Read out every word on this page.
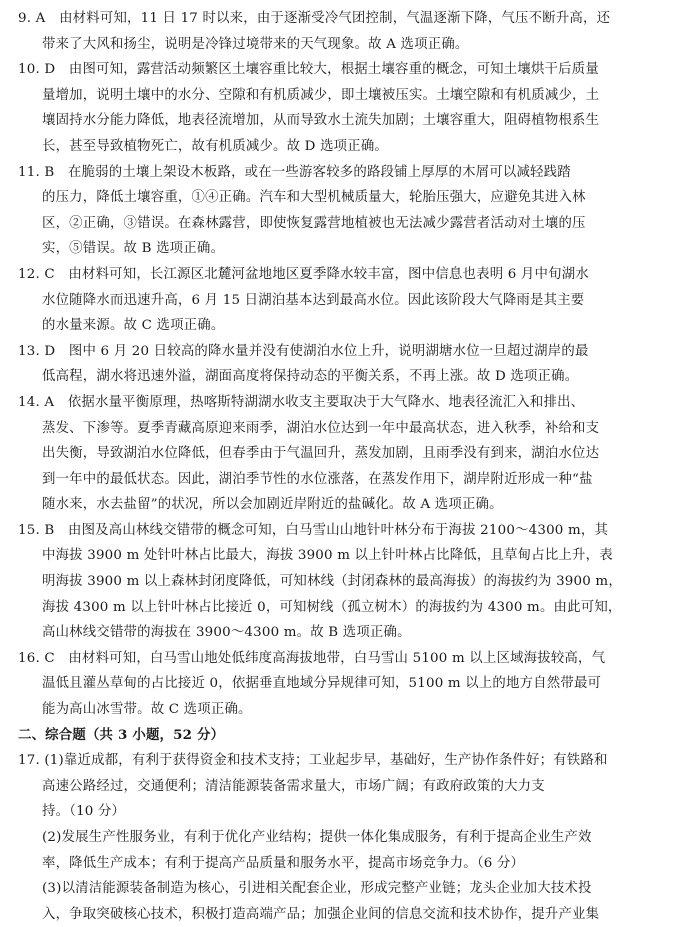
9. A　由材料可知，11 日 17 时以来，由于逐渐受冷气团控制，气温逐渐下降，气压不断升高，还
带来了大风和扬尘，说明是冷锋过境带来的天气现象。故 A 选项正确。
10. D　由图可知，露营活动频繁区土壤容重比较大，根据土壤容重的概念，可知土壤烘干后质量
量增加，说明土壤中的水分、空隙和有机质减少，即土壤被压实。土壤空隙和有机质减少，土
壤固持水分能力降低，地表径流增加，从而导致水土流失加剧；土壤容重大，阻碍植物根系生
长，甚至导致植物死亡，故有机质减少。故 D 选项正确。
11. B　在脆弱的土壤上架设木板路，或在一些游客较多的路段铺上厚厚的木屑可以减轻践踏
的压力，降低土壤容重，①④正确。汽车和大型机械质量大，轮胎压强大，应避免其进入林
区，②正确，③错误。在森林露营，即使恢复露营地植被也无法减少露营者活动对土壤的压
实，⑤错误。故 B 选项正确。
12. C　由材料可知，长江源区北麓河盆地地区夏季降水较丰富，图中信息也表明 6 月中旬湖水
水位随降水而迅速升高，6 月 15 日湖泊基本达到最高水位。因此该阶段大气降雨是其主要
的水量来源。故 C 选项正确。
13. D　图中 6 月 20 日较高的降水量并没有使湖泊水位上升，说明湖塘水位一旦超过湖岸的最
低高程，湖水将迅速外溢，湖面高度将保持动态的平衡关系，不再上涨。故 D 选项正确。
14. A　依据水量平衡原理，热喀斯特湖湖水收支主要取决于大气降水、地表径流汇入和排出、
蒸发、下渗等。夏季青藏高原迎来雨季，湖泊水位达到一年中最高状态，进入秋季，补给和支
出失衡，导致湖泊水位降低，但春季由于气温回升，蒸发加剧，且雨季没有到来，湖泊水位达
到一年中的最低状态。因此，湖泊季节性的水位涨落，在蒸发作用下，湖岸附近形成一种“盐
随水来，水去盐留”的状况，所以会加剧近岸附近的盐碱化。故 A 选项正确。
15. B　由图及高山林线交错带的概念可知，白马雪山山地针叶林分布于海拔 2100～4300 m，其
中海拔 3900 m 处针叶林占比最大，海拔 3900 m 以上针叶林占比降低，且草甸占比上升，表
明海拔 3900 m 以上森林封闭度降低，可知林线（封闭森林的最高海拔）的海拔约为 3900 m，
海拔 4300 m 以上针叶林占比接近 0，可知树线（孤立树木）的海拔约为 4300 m。由此可知，
高山林线交错带的海拔在 3900～4300 m。故 B 选项正确。
16. C　由材料可知，白马雪山地处低纬度高海拔地带，白马雪山 5100 m 以上区域海拔较高，气
温低且灌丛草甸的占比接近 0，依据垂直地域分异规律可知，5100 m 以上的地方自然带最可
能为高山冰雪带。故 C 选项正确。
二、综合题（共 3 小题，52 分）
17. (1)靠近成都，有利于获得资金和技术支持；工业起步早，基础好，生产协作条件好；有铁路和
高速公路经过，交通便利；清洁能源装备需求量大，市场广阔；有政府政策的大力支
持。（10 分）
(2)发展生产性服务业，有利于优化产业结构；提供一体化集成服务，有利于提高企业生产效
率，降低生产成本；有利于提高产品质量和服务水平，提高市场竞争力。（6 分）
(3)以清洁能源装备制造为核心，引进相关配套企业，形成完整产业链；龙头企业加大技术投
入，争取突破核心技术，积极打造高端产品；加强企业间的信息交流和技术协作，提升产业集
